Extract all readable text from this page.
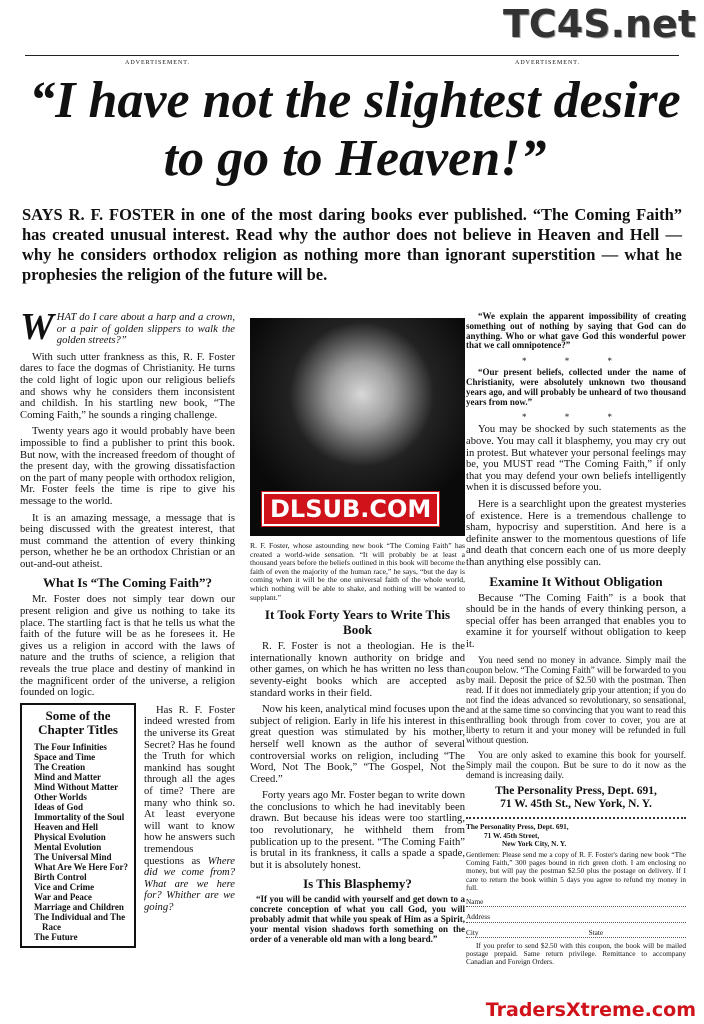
ADVERTISEMENT.	ADVERTISEMENT.
TC4S.net
“I have not the slightest desire to go to Heaven!”
SAYS R. F. FOSTER in one of the most daring books ever published. “The Coming Faith” has created unusual interest. Read why the author does not believe in Heaven and Hell — why he considers orthodox religion as nothing more than ignorant superstition — what he prophesies the religion of the future will be.

WHAT do I care about a harp and a crown, or a pair of golden slippers to walk the golden streets?”

With such utter frankness as this, R. F. Foster dares to face the dogmas of Christianity. He turns the cold light of logic upon our religious beliefs and shows why he considers them inconsistent and childish. In his startling new book, “The Coming Faith,” he sounds a ringing challenge.

Twenty years ago it would probably have been impossible to find a publisher to print this book. But now, with the increased freedom of thought of the present day, with the growing dissatisfaction on the part of many people with orthodox religion, Mr. Foster feels the time is ripe to give his message to the world.

It is an amazing message, a message that is being discussed with the greatest interest, that must command the attention of every thinking person, whether he be an orthodox Christian or an out-and-out atheist.

What Is “The Coming Faith”?

Mr. Foster does not simply tear down our present religion and give us nothing to take its place. The startling fact is that he tells us what the faith of the future will be as he foresees it. He gives us a religion in accord with the laws of nature and the truths of science, a religion that reveals the true place and destiny of mankind in the magnificent order of the universe, a religion founded on logic.

Some of the Chapter Titles
The Four Infinities
Space and Time
The Creation
Mind and Matter
Mind Without Matter
Other Worlds
Ideas of God
Immortality of the Soul
Heaven and Hell
Physical Evolution
Mental Evolution
The Universal Mind
What Are We Here For?
Birth Control
Vice and Crime
War and Peace
Marriage and Children
The Individual and The Race
The Future

Has R. F. Foster indeed wrested from the universe its Great Secret? Has he found the Truth for which mankind has sought through all the ages of time? There are many who think so. At least everyone will want to know how he answers such tremendous questions as Where did we come from? What are we here for? Whither are we going?

DLSUB.COM

R. F. Foster, whose astounding new book “The Coming Faith” has created a world-wide sensation. “It will probably be at least a thousand years before the beliefs outlined in this book will become the faith of even the majority of the human race,” he says, “but the day is coming when it will be the one universal faith of the whole world, which nothing will be able to shake, and nothing will be wanted to supplant.”

It Took Forty Years to Write This Book

R. F. Foster is not a theologian. He is the internationally known authority on bridge and other games, on which he has written no less than seventy-eight books which are accepted as standard works in their field.

Now his keen, analytical mind focuses upon the subject of religion. Early in life his interest in this great question was stimulated by his mother, herself well known as the author of several controversial works on religion, including “The Word, Not The Book,” “The Gospel, Not the Creed.”

Forty years ago Mr. Foster began to write down the conclusions to which he had inevitably been drawn. But because his ideas were too startling, too revolutionary, he withheld them from publication up to the present. “The Coming Faith” is brutal in its frankness, it calls a spade a spade, but it is absolutely honest.

Is This Blasphemy?

“If you will be candid with yourself and get down to a concrete conception of what you call God, you will probably admit that while you speak of Him as a Spirit, your mental vision shadows forth something on the order of a venerable old man with a long beard.”

“We explain the apparent impossibility of creating something out of nothing by saying that God can do anything. Who or what gave God this wonderful power that we call omnipotence?”

* * *

“Our present beliefs, collected under the name of Christianity, were absolutely unknown two thousand years ago, and will probably be unheard of two thousand years from now.”

* * *

You may be shocked by such statements as the above. You may call it blasphemy, you may cry out in protest. But whatever your personal feelings may be, you MUST read “The Coming Faith,” if only that you may defend your own beliefs intelligently when it is discussed before you.

Here is a searchlight upon the greatest mysteries of existence. Here is a tremendous challenge to sham, hypocrisy and superstition. And here is a definite answer to the momentous questions of life and death that concern each one of us more deeply than anything else possibly can.

Examine It Without Obligation

Because “The Coming Faith” is a book that should be in the hands of every thinking person, a special offer has been arranged that enables you to examine it for yourself without obligation to keep it.

You need send no money in advance. Simply mail the coupon below. “The Coming Faith” will be forwarded to you by mail. Deposit the price of $2.50 with the postman. Then read. If it does not immediately grip your attention; if you do not find the ideas advanced so revolutionary, so sensational, and at the same time so convincing that you want to read this enthralling book through from cover to cover, you are at liberty to return it and your money will be refunded in full without question.

You are only asked to examine this book for yourself. Simply mail the coupon. But be sure to do it now as the demand is increasing daily.

The Personality Press, Dept. 691,
71 W. 45th St., New York, N. Y.
The Personality Press, Dept. 691,
71 W. 45th Street,
New York City, N. Y.
Gentlemen: Please send me a copy of R. F. Foster's daring new book “The Coming Faith,” 300 pages bound in rich green cloth. I am enclosing no money, but will pay the postman $2.50 plus the postage on delivery. If I care to return the book within 5 days you agree to refund my money in full.
Name
Address
City	State
If you prefer to send $2.50 with this coupon, the book will be mailed postage prepaid. Same return privilege. Remittance to accompany Canadian and Foreign Orders.
TradersXtreme.com
